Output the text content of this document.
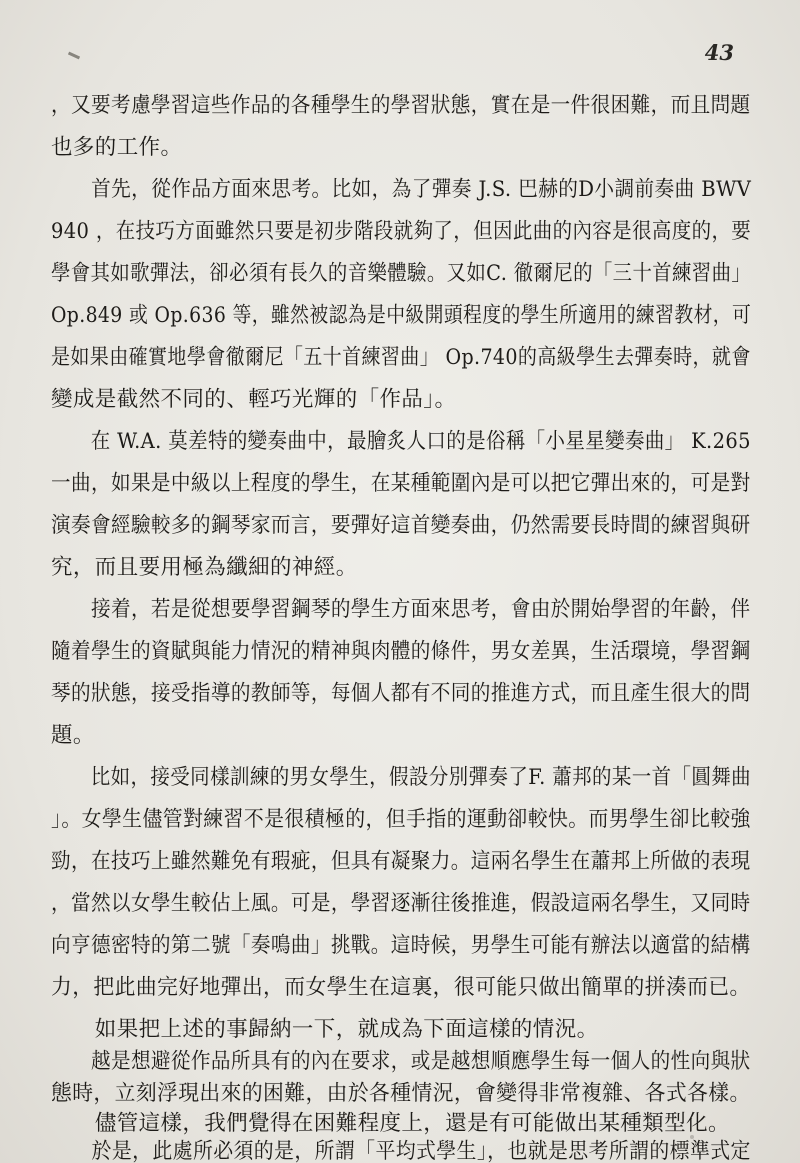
43
，又要考慮學習這些作品的各種學生的學習狀態，實在是一件很困難，而且問題
也多的工作。
　　首先，從作品方面來思考。比如，為了彈奏 J.S. 巴赫的D小調前奏曲 BWV
940 ，在技巧方面雖然只要是初步階段就夠了，但因此曲的內容是很高度的，要
學會其如歌彈法，卻必須有長久的音樂體驗。又如C. 徹爾尼的「三十首練習曲」
Op.849 或 Op.636 等，雖然被認為是中級開頭程度的學生所適用的練習教材，可
是如果由確實地學會徹爾尼「五十首練習曲」 Op.740的高級學生去彈奏時，就會
變成是截然不同的、輕巧光輝的「作品」。
　　在 W.A. 莫差特的變奏曲中，最膾炙人口的是俗稱「小星星變奏曲」 K.265
一曲，如果是中級以上程度的學生，在某種範圍內是可以把它彈出來的，可是對
演奏會經驗較多的鋼琴家而言，要彈好這首變奏曲，仍然需要長時間的練習與研
究，而且要用極為纖細的神經。
　　接着，若是從想要學習鋼琴的學生方面來思考，會由於開始學習的年齡，伴
隨着學生的資賦與能力情況的精神與肉體的條件，男女差異，生活環境，學習鋼
琴的狀態，接受指導的教師等，每個人都有不同的推進方式，而且產生很大的問
題。
　　比如，接受同樣訓練的男女學生，假設分別彈奏了F. 蕭邦的某一首「圓舞曲
」。女學生儘管對練習不是很積極的，但手指的運動卻較快。而男學生卻比較強
勁，在技巧上雖然難免有瑕疵，但具有凝聚力。這兩名學生在蕭邦上所做的表現
，當然以女學生較佔上風。可是，學習逐漸往後推進，假設這兩名學生，又同時
向亨德密特的第二號「奏鳴曲」挑戰。這時候，男學生可能有辦法以適當的結構
力，把此曲完好地彈出，而女學生在這裏，很可能只做出簡單的拼湊而已。
　　如果把上述的事歸納一下，就成為下面這樣的情況。
　　越是想避從作品所具有的內在要求，或是越想順應學生每一個人的性向與狀
態時，立刻浮現出來的困難，由於各種情況，會變得非常複雜、各式各樣。
　　儘管這樣，我們覺得在困難程度上，還是有可能做出某種類型化。
　　於是，此處所必須的是，所謂「平均式學生」，也就是思考所謂的標準式定
